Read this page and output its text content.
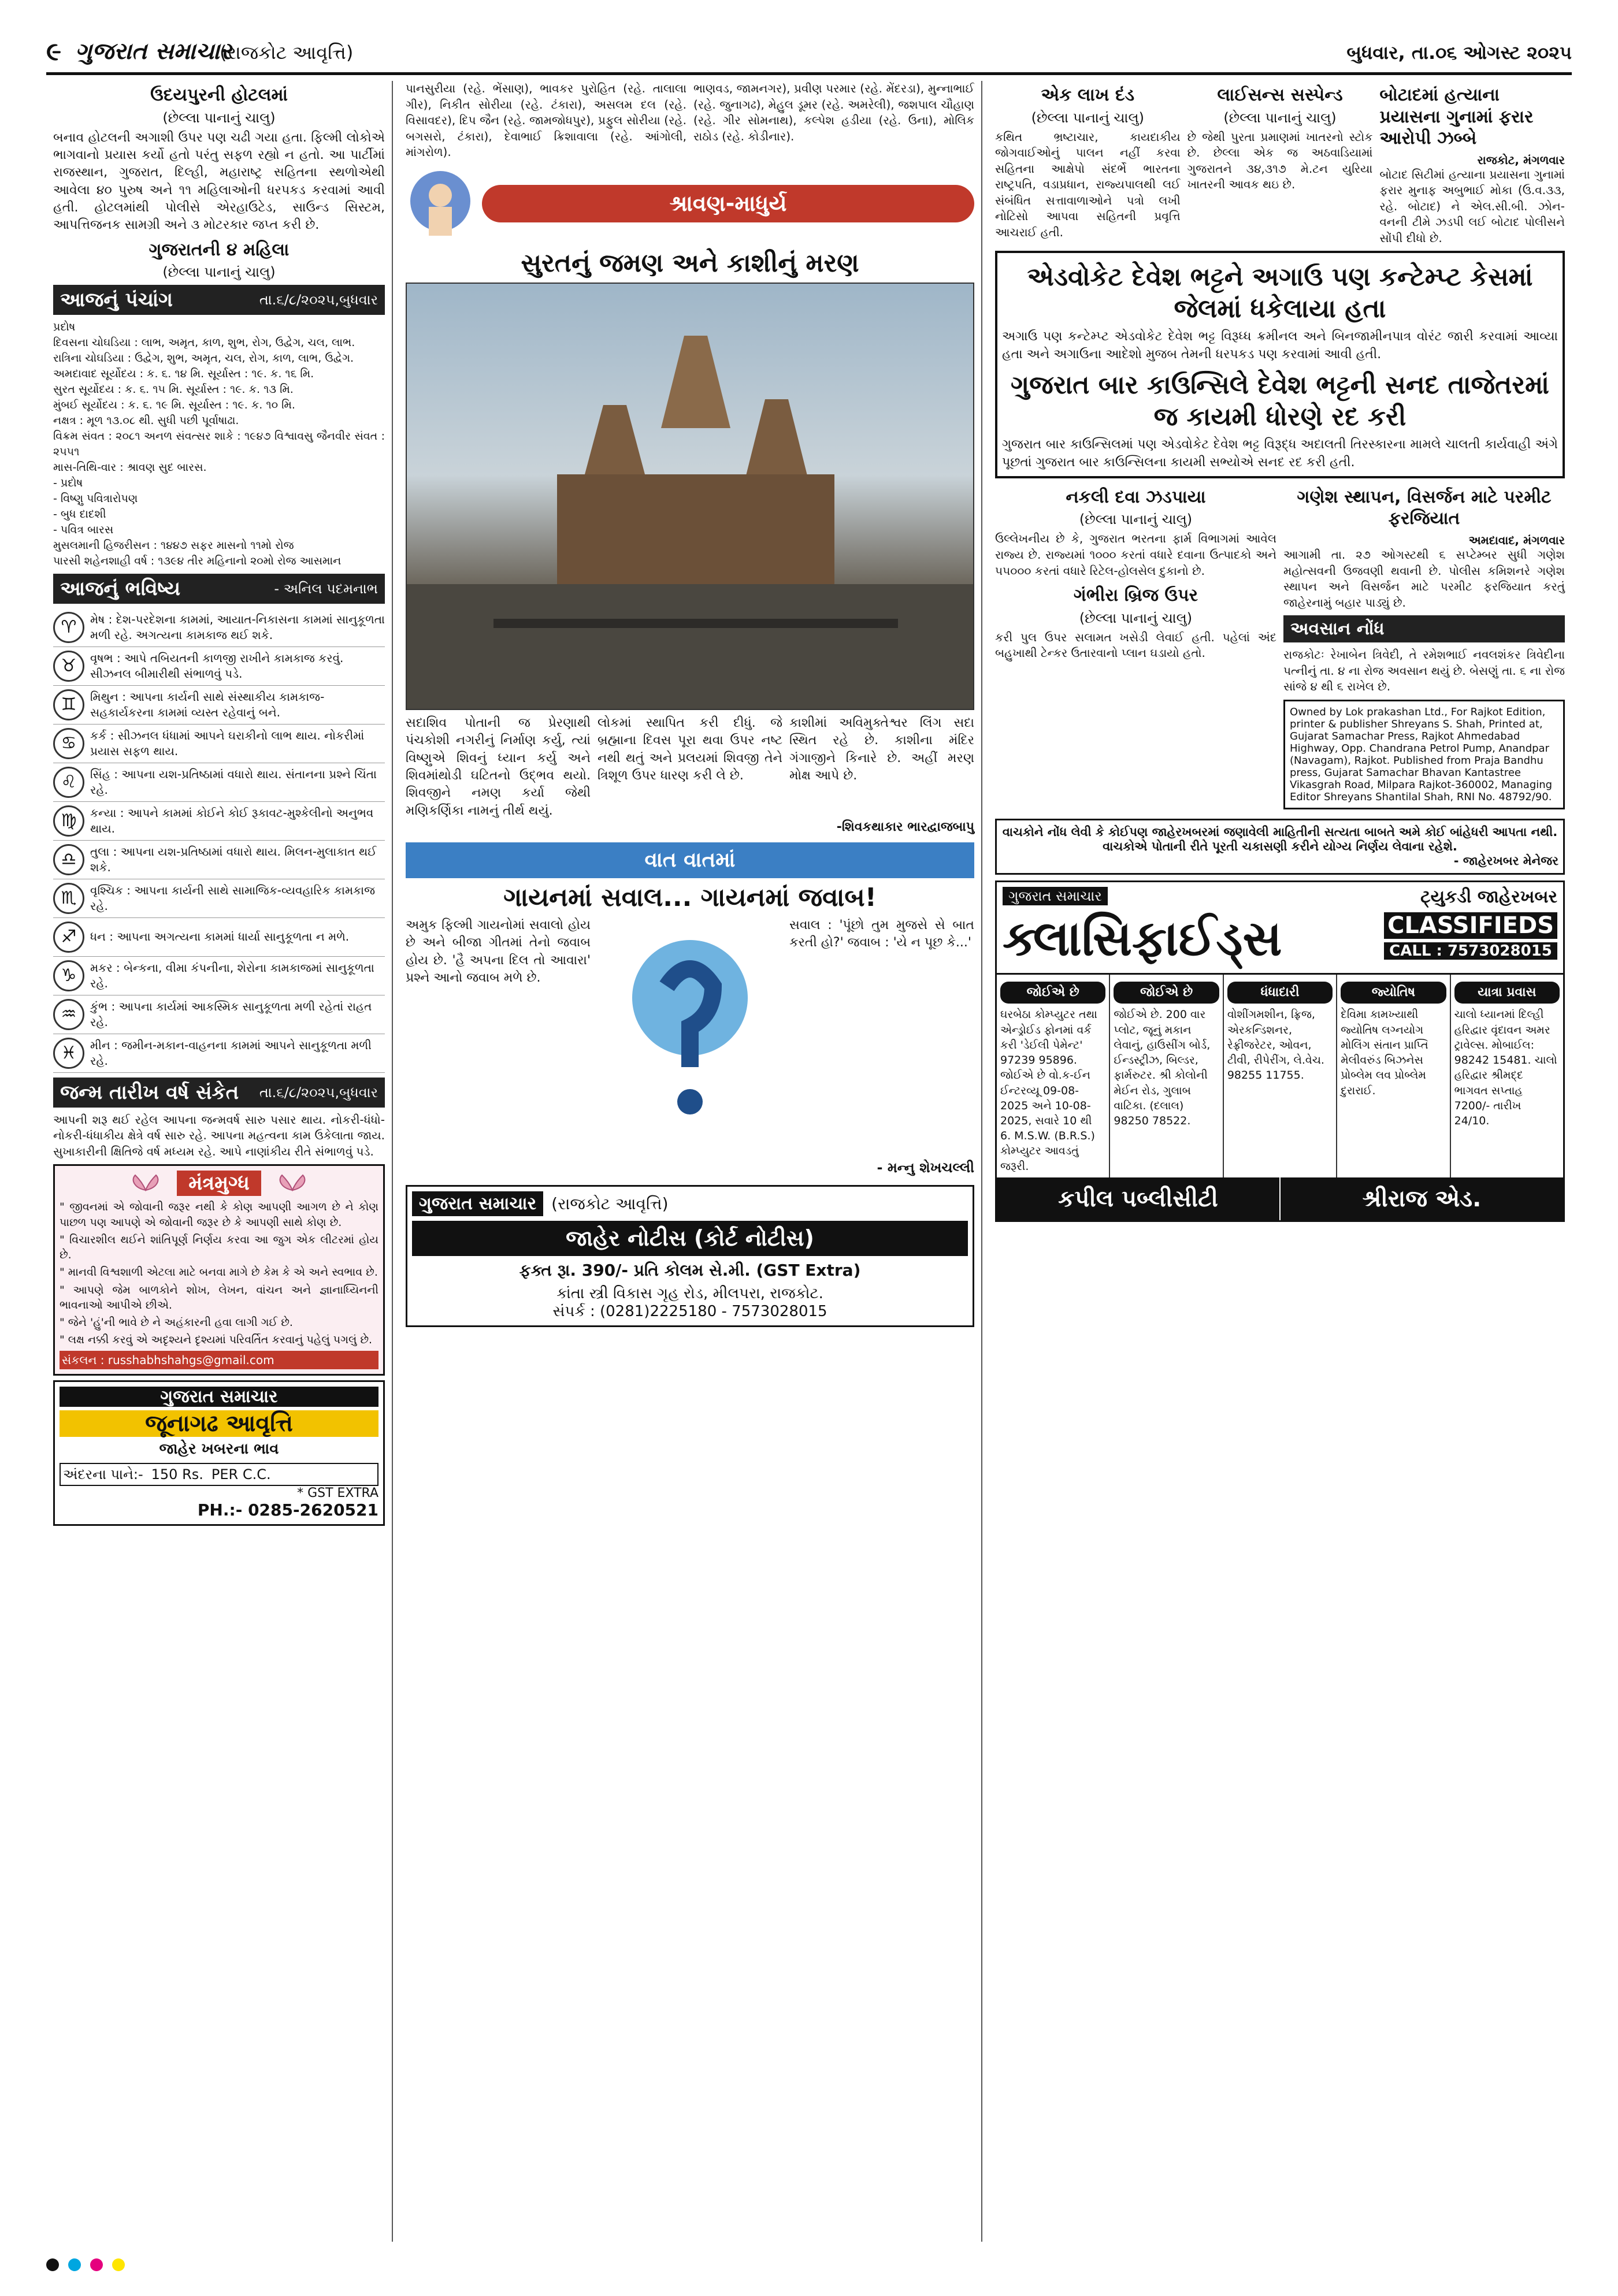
૯ ગુજરાત સમાચાર
(રાજકોટ આવૃત્તિ)	બુધવાર, તા.૦૬ ઓગસ્ટ ૨૦૨૫
ઉદયપુરની હોટલમાં
(છેલ્લા પાનાનું ચાલુ)
બનાવ હોટલની અગાશી ઉપર પણ ચઢી ગયા હતા. ફિલ્મી લોકોએ ભાગવાનો પ્રયાસ કર્યો હતો પરંતુ સફળ રહ્યો ન હતો. આ પાર્ટીમાં રાજસ્થાન, ગુજરાત, દિલ્હી, મહારાષ્ટ્ર સહિતના સ્થળોએથી આવેલા ૪૦ પુરુષ અને ૧૧ મહિલાઓની ધરપકડ કરવામાં આવી હતી. હોટલમાંથી પોલીસે એરહાઉટેડ, સાઉન્ડ સિસ્ટમ, આપત્તિજનક સામગ્રી અને ૩ મોટરકાર જપ્ત કરી છે.
ગુજરાતની ૪ મહિલા
(છેલ્લા પાનાનું ચાલુ)
આજનું પંચાંગ	તા.૬/૮/૨૦૨૫,બુધવાર
પ્રદોષ
દિવસના ચોઘડિયા : લાભ, અમૃત, કાળ, શુભ, રોગ, ઉદ્વેગ, ચલ, લાભ.
રાત્રિના ચોઘડિયા : ઉદ્વેગ, શુભ, અમૃત, ચલ, રોગ, કાળ, લાભ, ઉદ્વેગ.
અમદાવાદ સૂર્યોદય : ક. ૬. ૧૪ મિ. સૂર્યાસ્ત : ૧૯. ક. ૧૬ મિ.
સુરત સૂર્યોદય : ક. ૬. ૧૫ મિ. સૂર્યાસ્ત : ૧૯. ક. ૧૩ મિ.
મુંબઈ સૂર્યોદય : ક. ૬. ૧૯ મિ. સૂર્યાસ્ત : ૧૯. ક. ૧૦ મિ.
નક્ષત્ર : મૂળ ૧૩.૦૮ થી. સુધી પછી પૂર્વાષાઢા.
વિક્રમ સંવત : ૨૦૮૧ અનળ સંવત્સર શાકે : ૧૯૪૭ વિશ્વાવસુ જૈનવીર સંવત : ૨૫૫૧
માસ-તિથિ-વાર : શ્રાવણ સુદ બારસ.
- પ્રદોષ
- વિષ્ણુ પવિત્રારોપણ
- બુધ દાદશી
- પવિત્ર બારસ
મુસલમાની હિજરીસન : ૧૪૪૭ સફર માસનો ૧૧મો રોજ
પારસી શહેનશાહી વર્ષ : ૧૩૯૪ તીર મહિનાનો ૨૦મો રોજ આસમાન
આજનું ભવિષ્ય	- અનિલ પદમનાભ
♈	મેષ : દેશ-પરદેશના કામમાં, આયાત-નિકાસના કામમાં સાનુકૂળતા મળી રહે. અગત્યના કામકાજ થઈ શકે.
♉	વૃષભ : આપે તબિયતની કાળજી રાખીને કામકાજ કરવું. સીઝનલ બીમારીથી સંભાળવું પડે.
♊	મિથુન : આપના કાર્યની સાથે સંસ્થાકીય કામકાજ-સહકાર્યકરના કામમાં વ્યસ્ત રહેવાનું બને.
♋	કર્ક : સીઝનલ ધંધામાં આપને ઘરાકીનો લાભ થાય. નોકરીમાં પ્રયાસ સફળ થાય.
♌	સિંહ : આપના યશ-પ્રતિષ્ઠામાં વધારો થાય. સંતાનના પ્રશ્ને ચિંતા રહે.
♍	કન્યા : આપને કામમાં કોઈને કોઈ રૂકાવટ-મુશ્કેલીનો અનુભવ થાય.
♎	તુલા : આપના યશ-પ્રતિષ્ઠામાં વધારો થાય. મિલન-મુલાકાત થઈ શકે.
♏	વૃશ્ચિક : આપના કાર્યની સાથે સામાજિક-વ્યવહારિક કામકાજ રહે.
♐	ધન : આપના અગત્યના કામમાં ધાર્યા સાનુકૂળતા ન મળે.
♑	મકર : બેન્કના, વીમા કંપનીના, શેરોના કામકાજમાં સાનુકૂળતા રહે.
♒	કુંભ : આપના કાર્યમાં આકસ્મિક સાનુકૂળતા મળી રહેતાં રાહત રહે.
♓	મીન : જમીન-મકાન-વાહનના કામમાં આપને સાનુકૂળતા મળી રહે.
જન્મ તારીખ વર્ષ સંકેત તા.૬/૮/૨૦૨૫,બુધવાર
આપની શરૂ થઈ રહેલ આપના જન્મવર્ષ સારુ પસાર થાય. નોકરી-ધંધો- નોકરી-ધંધાકીય ક્ષેત્રે વર્ષ સારુ રહે. આપના મહત્વના કામ ઉકેલાતા જાય. સુખાકારીની ક્ષિતિજે વર્ષ મધ્યમ રહે. આપે નાણાંકીય રીતે સંભાળવું પડે.
મંત્રમુગ્ધ
" જીવનમાં એ જોવાની જરૂર નથી કે કોણ આપણી આગળ છે ને કોણ પાછળ પણ આપણે એ જોવાની જરૂર છે કે આપણી સાથે કોણ છે.
" વિચારશીલ થઈને શાંતિપૂર્ણ નિર્ણય કરવા આ જુગ એક લીટરમાં હોય છે.
" માનવી વિશ્વશાળી એટલા માટે બનવા માગે છે કેમ કે એ અને સ્વભાવ છે.
" આપણે જેમ બાળકોને શોખ, લેખન, વાંચન અને જ્ઞાનાધ્યિનની ભાવનાઓ આપીએ છીએ.
" જેને 'હું'ની ભાવે છે ને અહંકારની હવા લાગી ગઈ છે.
" લક્ષ નક્કી કરવું એ અદૃશ્યને દૃશ્યમાં પરિવર્તિત કરવાનું પહેલું પગલું છે.
સંકલન : russhabhshahgs@gmail.com
ગુજરાત સમાચાર
જૂનાગઢ આવૃત્તિ
જાહેર ખબરના ભાવ
અંદરના પાને:- 150 Rs. PER C.C.
* GST EXTRA
PH.:- 0285-2620521
પાનસુરીયા (રહે. ભેંસાણ), ભાવકર પુરોહિત (રહે. તાલાલા ગીર), નિકીત સોરીયા (રહે. ટંકારા), અસલમ દલ (રહે. વિસાવદર), દિપ જૈન (રહે. જામજોધપુર), પ્રફુલ સોરીયા (રહે. બગસરો, ટંકારા), દેવાભાઈ ક્રિશાવાલા (રહે. આંગોલી, માંગરોળ).
ભાણવડ, જામનગર), પ્રવીણ પરમાર (રહે. મેંદરડા), મુન્નાભાઈ (રહે. જુનાગઢ), મેહુલ ડૂમર (રહે. અમરેલી), જશપાલ ચૌહાણ (રહે. ગીર સોમનાથ), કલ્પેશ હડીયા (રહે. ઉના), મોલિક રાઠોડ (રહે. કોડીનાર).
શ્રાવણ-માધુર્ય
સુરતનું જમણ અને કાશીનું મરણ
સદાશિવ પોતાની જ પ્રેરણાથી પંચકોશી નગરીનું નિર્માણ કર્યુ, ત્યાં વિષ્ણુએ શિવનું ધ્યાન કર્યુ અને શિવમાંથોડી ઘટિતનો ઉદ્ભવ થયો. શિવજીને નમણ કર્યા જેથી મણિકર્ણિકા નામનું તીર્થ થયું.
લોકમાં સ્થાપિત કરી દીધું. જે બ્રહ્માના દિવસ પૂરા થવા ઉપર નષ્ટ નથી થતું અને પ્રલયમાં શિવજી તેને ત્રિશૂળ ઉપર ધારણ કરી લે છે.
કાશીમાં અવિમુક્તેશ્વર લિંગ સદા સ્થિત રહે છે. કાશીના મંદિર ગંગાજીને કિનારે છે. અહીં મરણ મોક્ષ આપે છે.
-શિવકથાકાર ભારદ્વાજબાપુ
વાત વાતમાં
ગાયનમાં સવાલ... ગાયનમાં જવાબ!
અમુક ફિલ્મી ગાયનોમાં સવાલો હોય છે અને બીજા ગીતમાં તેનો જવાબ હોય છે. 'હૈ અપના દિલ તો આવારા' પ્રશ્ને આનો જવાબ મળે છે.
સવાલ : 'પૂંછો તુમ મુજસે સે બાત કરતી હો?' જવાબ : 'યે ન પૂછ કે...'
- મન્નુ શેખચલ્લી
ગુજરાત સમાચાર (રાજકોટ આવૃત્તિ)
જાહેર નોટીસ (કોર્ટ નોટીસ)
ફક્ત રૂા. 390/- પ્રતિ કોલમ સે.મી. (GST Extra)
કાંતા સ્ત્રી વિકાસ ગૃહ રોડ, મીલપરા, રાજકોટ.
સંપર્ક : (0281)2225180 - 7573028015
એક લાખ દંડ
(છેલ્લા પાનાનું ચાલુ)
કથિત ભ્રષ્ટાચાર, કાયદાકીય જોગવાઈઓનું પાલન નહીં કરવા સહિતના આક્ષેપો સંદર્ભે ભારતના રાષ્ટ્રપતિ, વડાપ્રધાન, રાજ્યપાલથી લઈ સંબંધિત સત્તાવાળાઓને પત્રો લખી નોટિસો આપવા સહિતની પ્રવૃત્તિ આચરાઈ હતી.
લાઈસન્સ સસ્પેન્ડ
(છેલ્લા પાનાનું ચાલુ)
છે જેથી પુરતા પ્રમાણમાં ખાતરનો સ્ટોક છે. છેલ્લા એક જ અઠવાડિયામાં ગુજરાતને ૩૪,૩૧૭ મે.ટન યુરિયા ખાતરની આવક થઇ છે.
બોટાદમાં હત્યાના પ્રયાસના ગુનામાં ફરાર આરોપી ઝબ્બે
રાજકોટ, મંગળવાર
બોટાદ સિટીમાં હત્યાના પ્રયાસના ગુનામાં ફરાર મુનાફ અબુભાઈ મોકા (ઉ.વ.૩૩, રહે. બોટાદ) ને એલ.સી.બી. ઝોન-વનની ટીમે ઝડપી લઈ બોટાદ પોલીસને સોંપી દીધો છે.
એડવોકેટ દેવેશ ભટ્ટને અગાઉ પણ કન્ટેમ્પ્ટ કેસમાં જેલમાં ધકેલાયા હતા
અગાઉ પણ કન્ટેમ્પ્ટ એડવોકેટ દેવેશ ભટ્ટ વિરૂધ્ધ ક્રમીનલ અને બિનજામીનપાત્ર વોરંટ જારી કરવામાં આવ્યા હતા અને અગાઉના આદેશો મુજબ તેમની ધરપકડ પણ કરવામાં આવી હતી.
ગુજરાત બાર કાઉન્સિલે દેવેશ ભટ્ટની સનદ તાજેતરમાં જ કાયમી ધોરણે રદ કરી
ગુજરાત બાર કાઉન્સિલમાં પણ એડવોકેટ દેવેશ ભટ્ટ વિરૂદ્ધ અદાલતી તિરસ્કારના મામલે ચાલતી કાર્યવાહી અંગે પૂછતાં ગુજરાત બાર કાઉન્સિલના કાયમી સભ્યોએ સનદ રદ કરી હતી.
નકલી દવા ઝડપાયા
(છેલ્લા પાનાનું ચાલુ)
ઉલ્લેખનીય છે કે, ગુજરાત ભરતના ફાર્મ વિભાગમાં આવેલ રાજ્ય છે. રાજ્યમાં ૧૦૦૦ કરતાં વધારે દવાના ઉત્પાદકો અને ૫૫૦૦૦ કરતાં વધારે રિટેલ-હોલસેલ દુકાનો છે.
ગંભીરા બ્રિજ ઉપર
(છેલ્લા પાનાનું ચાલુ)
કરી પુલ ઉપર સલામત ખસેડી લેવાઈ હતી. પહેલાં અંદ બહુખાથી ટેન્કર ઉતારવાનો પ્લાન ઘડાયો હતો.
ગણેશ સ્થાપન, વિસર્જન માટે પરમીટ ફરજિયાત
અમદાવાદ, મંગળવાર
આગામી તા. ૨૭ ઓગસ્ટથી ૬ સપ્ટેમ્બર સુધી ગણેશ મહોત્સવની ઉજવણી થવાની છે. પોલીસ કમિશનરે ગણેશ સ્થાપન અને વિસર્જન માટે પરમીટ ફરજિયાત કરતું જાહેરનામું બહાર પાડ્યું છે.
અવસાન નોંધ
રાજકોટઃ રેખાબેન ત્રિવેદી, તે રમેશભાઈ નવલશંકર ત્રિવેદીના પત્નીનું તા. ૪ ના રોજ અવસાન થયું છે. બેસણું તા. ૬ ના રોજ સાંજે ૪ થી ૬ રાખેલ છે.
Owned by Lok prakashan Ltd., For Rajkot Edition, printer & publisher Shreyans S. Shah, Printed at, Gujarat Samachar Press, Rajkot Ahmedabad Highway, Opp. Chandrana Petrol Pump, Anandpar (Navagam), Rajkot. Published from Praja Bandhu press, Gujarat Samachar Bhavan Kantastree Vikasgrah Road, Milpara Rajkot-360002, Managing Editor Shreyans Shantilal Shah, RNI No. 48792/90.
વાચકોને નોંધ લેવી કે કોઈપણ જાહેરખબરમાં જણાવેલી માહિતીની સત્યતા બાબતે અમે કોઈ બાંહેધરી આપતા નથી. વાચકોએ પોતાની રીતે પૂરતી ચકાસણી કરીને યોગ્ય નિર્ણય લેવાના રહેશે.
- જાહેરખબર મેનેજર
ગુજરાત સમાચાર
ક્લાસિફાઈડ્સ
ટ્યુકડી જાહેરખબર
CLASSIFIEDS
CALL : 7573028015
જોઈએ છે
ઘરબેઠા કોમ્પ્યુટર તથા એન્ડ્રોઈડ ફોનમાં વર્ક કરી 'ડેઈલી પેમેન્ટ' 97239 95896. જોઈએ છે વો.ક-ઈન ઈન્ટરવ્યૂ 09-08-2025 અને 10-08-2025, સવારે 10 થી 6. M.S.W. (B.R.S.) કોમ્પ્યુટર આવડતું જરૂરી.
જોઈએ છે
જોઈએ છે. 200 વાર પ્લોટ, જૂનું મકાન લેવાનું, હાઉસીંગ બોર્ડ, ઈન્ડસ્ટ્રીઝ, બિલ્ડર, ફાર્મરુટર. શ્રી કોલોની મેઈન રોડ, ગુલાબ વાટિકા. (દલાલ) 98250 78522.
ધંધાદારી
વોશીંગમશીન, ફ્રિજ, એરકન્ડિશનર, રેફ્રીજરેટર, ઓવન, ટીવી, રીપેરીંગ, લે.વેચ. 98255 11755.
જ્યોતિષ
દેવિમા કામખ્યાથી જ્યોતિષ લગ્નયોગ મોલિંગ સંતાન પ્રાપ્તિ મેલીવરુંડ બિઝનેસ પ્રોબ્લેમ લવ પ્રોબ્લેમ દુરારાઈ.
યાત્રા પ્રવાસ
ચાલો ધ્યાનમાં દિલ્હી હરિદ્વાર વૃંદાવન અમર ટ્રાવેલ્સ. મોબાઈલ: 98242 15481. ચાલો હરિદ્વાર શ્રીમદ્દ ભાગવત સપ્તાહ 7200/- તારીખ 24/10.
કપીલ પબ્લીસીટી	શ્રીરાજ એડ.
